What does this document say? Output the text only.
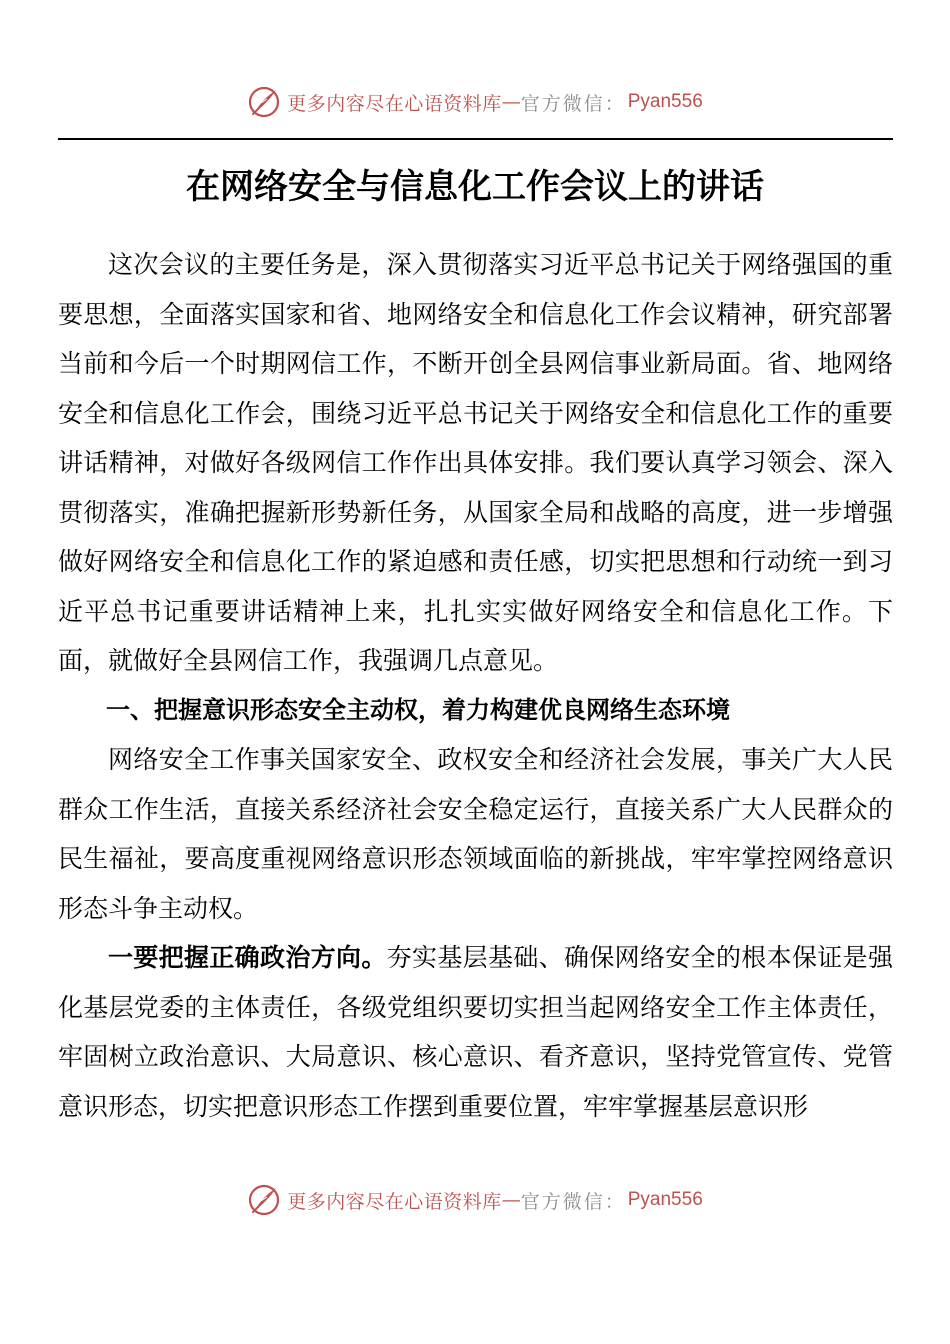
更多内容尽在心语资料库 — 官方微信： Pyan556
在网络安全与信息化工作会议上的讲话

这次会议的主要任务是，深入贯彻落实习近平总书记关于网络强国的重要思想，全面落实国家和省、地网络安全和信息化工作会议精神，研究部署当前和今后一个时期网信工作，不断开创全县网信事业新局面。省、地网络安全和信息化工作会，围绕习近平总书记关于网络安全和信息化工作的重要讲话精神，对做好各级网信工作作出具体安排。我们要认真学习领会、深入贯彻落实，准确把握新形势新任务，从国家全局和战略的高度，进一步增强做好网络安全和信息化工作的紧迫感和责任感，切实把思想和行动统一到习近平总书记重要讲话精神上来，扎扎实实做好网络安全和信息化工作。下面，就做好全县网信工作，我强调几点意见。

一、把握意识形态安全主动权，着力构建优良网络生态环境

网络安全工作事关国家安全、政权安全和经济社会发展，事关广大人民群众工作生活，直接关系经济社会安全稳定运行，直接关系广大人民群众的民生福祉，要高度重视网络意识形态领域面临的新挑战，牢牢掌控网络意识形态斗争主动权。

一要把握正确政治方向。夯实基层基础、确保网络安全的根本保证是强化基层党委的主体责任，各级党组织要切实担当起网络安全工作主体责任，牢固树立政治意识、大局意识、核心意识、看齐意识，坚持党管宣传、党管意识形态，切实把意识形态工作摆到重要位置，牢牢掌握基层意识形

更多内容尽在心语资料库 — 官方微信： Pyan556
